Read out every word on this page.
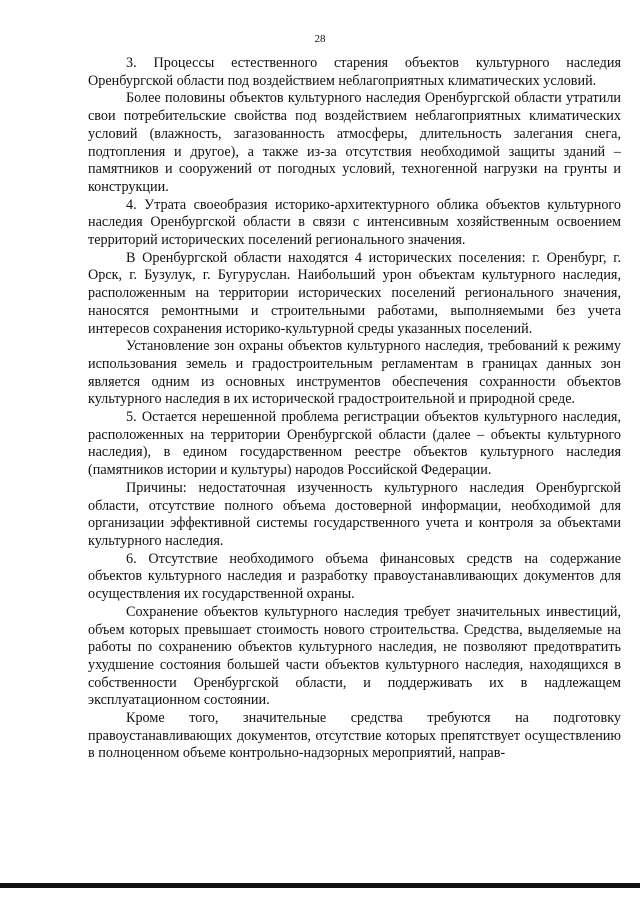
28

3. Процессы естественного старения объектов культурного наследия Оренбургской области под воздействием неблагоприятных климатических условий.

Более половины объектов культурного наследия Оренбургской области утратили свои потребительские свойства под воздействием неблагоприятных климатических условий (влажность, загазованность атмосферы, длительность залегания снега, подтопления и другое), а также из-за отсутствия необходимой защиты зданий – памятников и сооружений от погодных условий, техногенной нагрузки на грунты и конструкции.

4. Утрата своеобразия историко-архитектурного облика объектов культурного наследия Оренбургской области в связи с интенсивным хозяйственным освоением территорий исторических поселений регионального значения.

В Оренбургской области находятся 4 исторических поселения: г. Оренбург, г. Орск, г. Бузулук, г. Бугуруслан. Наибольший урон объектам культурного наследия, расположенным на территории исторических поселений регионального значения, наносятся ремонтными и строительными работами, выполняемыми без учета интересов сохранения историко-культурной среды указанных поселений.

Установление зон охраны объектов культурного наследия, требований к режиму использования земель и градостроительным регламентам в границах данных зон является одним из основных инструментов обеспечения сохранности объектов культурного наследия в их исторической градостроительной и природной среде.

5. Остается нерешенной проблема регистрации объектов культурного наследия, расположенных на территории Оренбургской области (далее – объекты культурного наследия), в едином государственном реестре объектов культурного наследия (памятников истории и культуры) народов Российской Федерации.

Причины: недостаточная изученность культурного наследия Оренбургской области, отсутствие полного объема достоверной информации, необходимой для организации эффективной системы государственного учета и контроля за объектами культурного наследия.

6. Отсутствие необходимого объема финансовых средств на содержание объектов культурного наследия и разработку правоустанавливающих документов для осуществления их государственной охраны.

Сохранение объектов культурного наследия требует значительных инвестиций, объем которых превышает стоимость нового строительства. Средства, выделяемые на работы по сохранению объектов культурного наследия, не позволяют предотвратить ухудшение состояния большей части объектов культурного наследия, находящихся в собственности Оренбургской области, и поддерживать их в надлежащем эксплуатационном состоянии.

Кроме того, значительные средства требуются на подготовку правоустанавливающих документов, отсутствие которых препятствует осуществлению в полноценном объеме контрольно-надзорных мероприятий, направ-
